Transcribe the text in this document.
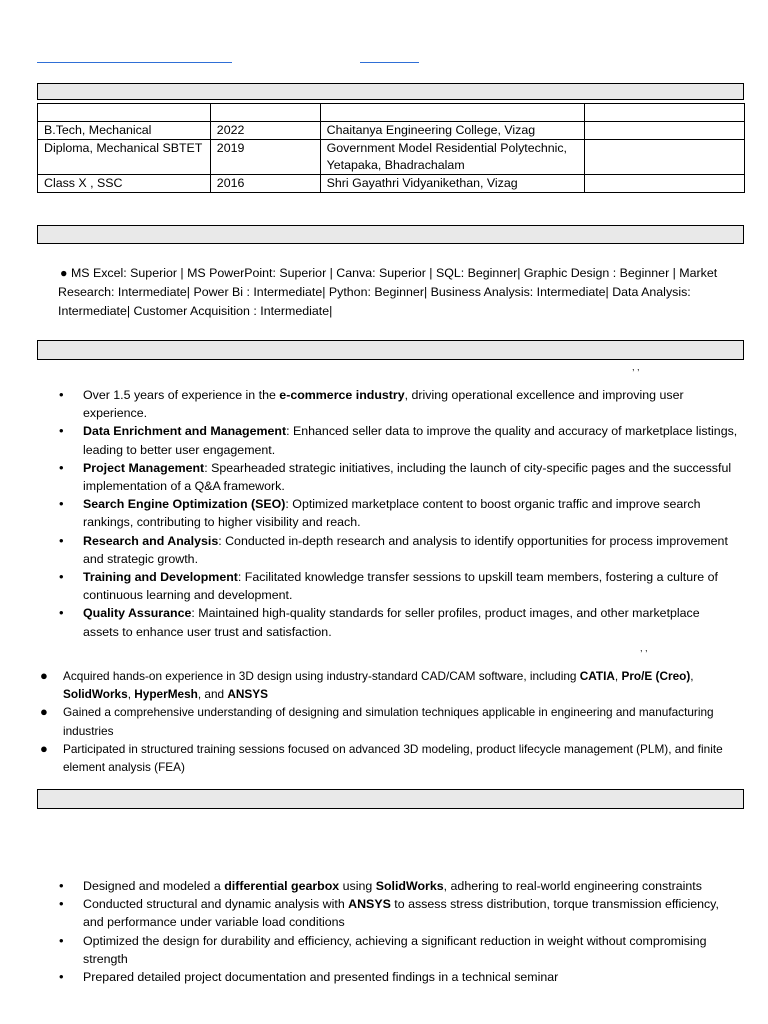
B.Tech, Mechanical	2022	Chaitanya Engineering College, Vizag	
Diploma, Mechanical SBTET	2019	Government Model Residential Polytechnic, Yetapaka, Bhadrachalam	
Class X , SSC	2016	Shri Gayathri Vidyanikethan, Vizag	
● MS Excel: Superior | MS PowerPoint: Superior | Canva: Superior | SQL: Beginner| Graphic Design : Beginner | Market Research: Intermediate| Power Bi : Intermediate| Python: Beginner| Business Analysis: Intermediate| Data Analysis: Intermediate| Customer Acquisition : Intermediate|
, ,
• Over 1.5 years of experience in the e-commerce industry, driving operational excellence and improving user experience.
• Data Enrichment and Management: Enhanced seller data to improve the quality and accuracy of marketplace listings, leading to better user engagement.
• Project Management: Spearheaded strategic initiatives, including the launch of city-specific pages and the successful implementation of a Q&A framework.
• Search Engine Optimization (SEO): Optimized marketplace content to boost organic traffic and improve search rankings, contributing to higher visibility and reach.
• Research and Analysis: Conducted in-depth research and analysis to identify opportunities for process improvement and strategic growth.
• Training and Development: Facilitated knowledge transfer sessions to upskill team members, fostering a culture of continuous learning and development.
• Quality Assurance: Maintained high-quality standards for seller profiles, product images, and other marketplace assets to enhance user trust and satisfaction.
, ,
● Acquired hands-on experience in 3D design using industry-standard CAD/CAM software, including CATIA, Pro/E (Creo), SolidWorks, HyperMesh, and ANSYS
● Gained a comprehensive understanding of designing and simulation techniques applicable in engineering and manufacturing industries
● Participated in structured training sessions focused on advanced 3D modeling, product lifecycle management (PLM), and finite element analysis (FEA)
• Designed and modeled a differential gearbox using SolidWorks, adhering to real-world engineering constraints
• Conducted structural and dynamic analysis with ANSYS to assess stress distribution, torque transmission efficiency, and performance under variable load conditions
• Optimized the design for durability and efficiency, achieving a significant reduction in weight without compromising strength
• Prepared detailed project documentation and presented findings in a technical seminar
